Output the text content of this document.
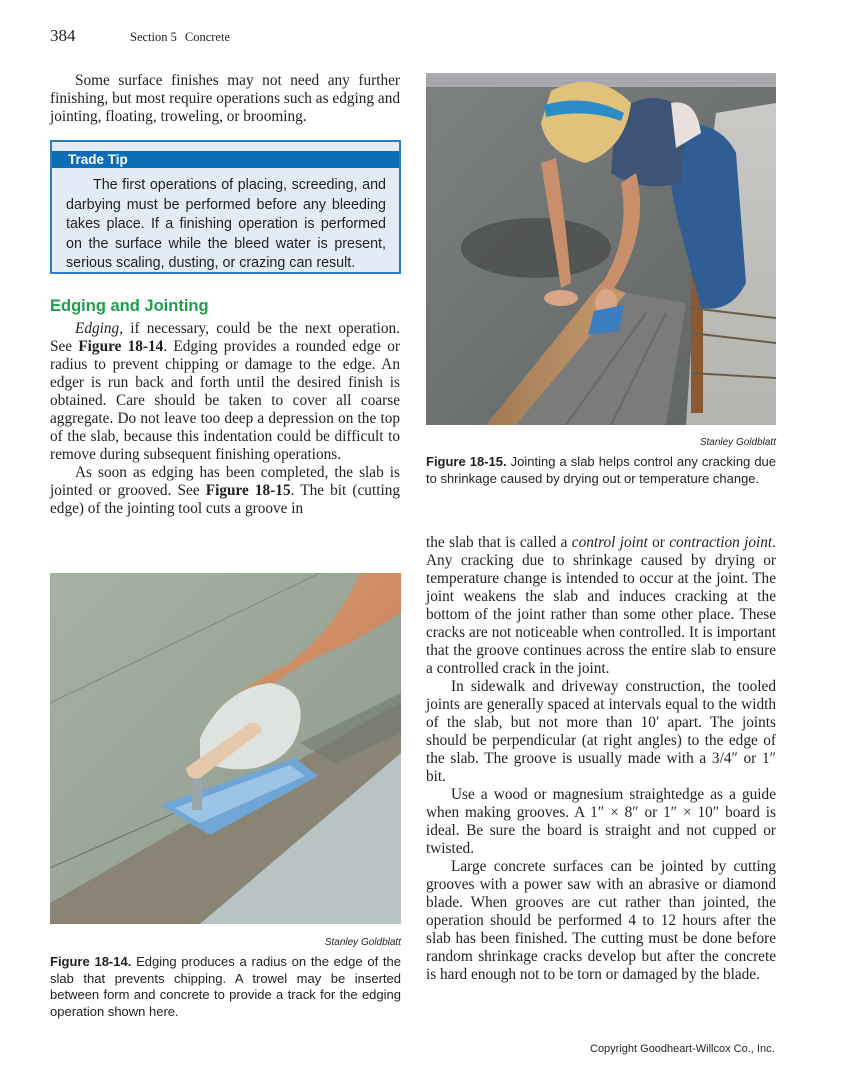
384	Section 5 Concrete

Some surface finishes may not need any further finishing, but most require operations such as edging and jointing, floating, troweling, or brooming.

Trade Tip

The first operations of placing, screeding, and darbying must be performed before any bleeding takes place. If a finishing operation is performed on the surface while the bleed water is present, serious scaling, dusting, or crazing can result.

Edging and Jointing

Edging, if necessary, could be the next operation. See Figure 18-14. Edging provides a rounded edge or radius to prevent chipping or damage to the edge. An edger is run back and forth until the desired finish is obtained. Care should be taken to cover all coarse aggregate. Do not leave too deep a depression on the top of the slab, because this indentation could be difficult to remove during subsequent finishing operations.

As soon as edging has been completed, the slab is jointed or grooved. See Figure 18-15. The bit (cutting edge) of the jointing tool cuts a groove in

Stanley Goldblatt
Figure 18-15. Jointing a slab helps control any cracking due to shrinkage caused by drying out or temperature change.

the slab that is called a control joint or contraction joint. Any cracking due to shrinkage caused by drying or temperature change is intended to occur at the joint. The joint weakens the slab and induces cracking at the bottom of the joint rather than some other place. These cracks are not noticeable when controlled. It is important that the groove continues across the entire slab to ensure a controlled crack in the joint.

In sidewalk and driveway construction, the tooled joints are generally spaced at intervals equal to the width of the slab, but not more than 10′ apart. The joints should be perpendicular (at right angles) to the edge of the slab. The groove is usually made with a 3/4″ or 1″ bit.

Use a wood or magnesium straightedge as a guide when making grooves. A 1″ × 8″ or 1″ × 10″ board is ideal. Be sure the board is straight and not cupped or twisted.

Large concrete surfaces can be jointed by cutting grooves with a power saw with an abrasive or diamond blade. When grooves are cut rather than jointed, the operation should be performed 4 to 12 hours after the slab has been finished. The cutting must be done before random shrinkage cracks develop but after the concrete is hard enough not to be torn or damaged by the blade.

Stanley Goldblatt
Figure 18-14. Edging produces a radius on the edge of the slab that prevents chipping. A trowel may be inserted between form and concrete to provide a track for the edging operation shown here.
Copyright Goodheart-Willcox Co., Inc.
